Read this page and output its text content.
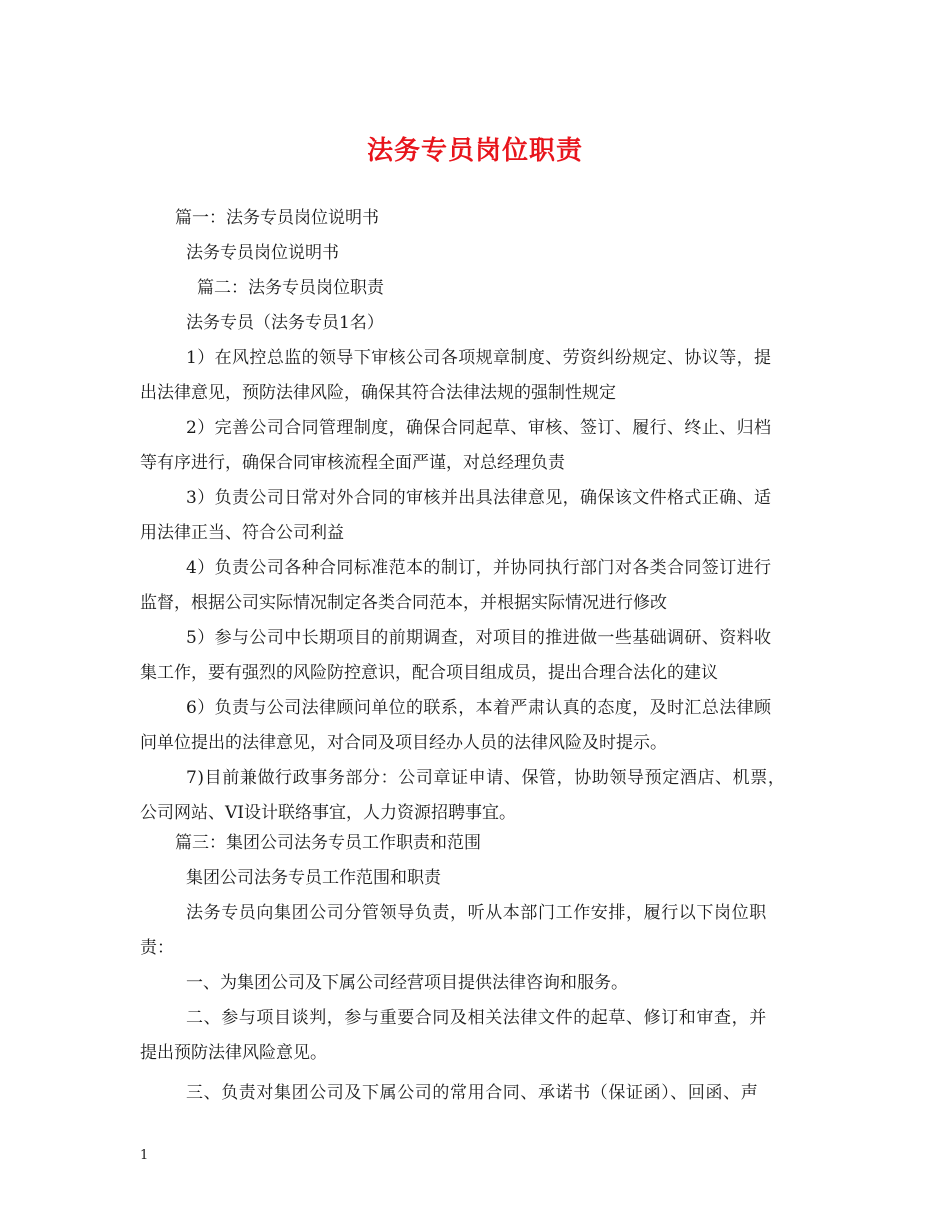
法务专员岗位职责
篇一：法务专员岗位说明书
法务专员岗位说明书
篇二：法务专员岗位职责
法务专员（法务专员1名）
1）在风控总监的领导下审核公司各项规章制度、劳资纠纷规定、协议等，提
出法律意见，预防法律风险，确保其符合法律法规的强制性规定
2）完善公司合同管理制度，确保合同起草、审核、签订、履行、终止、归档
等有序进行，确保合同审核流程全面严谨，对总经理负责
3）负责公司日常对外合同的审核并出具法律意见，确保该文件格式正确、适
用法律正当、符合公司利益
4）负责公司各种合同标准范本的制订，并协同执行部门对各类合同签订进行
监督，根据公司实际情况制定各类合同范本，并根据实际情况进行修改
5）参与公司中长期项目的前期调查，对项目的推进做一些基础调研、资料收
集工作，要有强烈的风险防控意识，配合项目组成员，提出合理合法化的建议
6）负责与公司法律顾问单位的联系，本着严肃认真的态度，及时汇总法律顾
问单位提出的法律意见，对合同及项目经办人员的法律风险及时提示。
7)目前兼做行政事务部分：公司章证申请、保管，协助领导预定酒店、机票，
公司网站、VI设计联络事宜，人力资源招聘事宜。
篇三：集团公司法务专员工作职责和范围
集团公司法务专员工作范围和职责
法务专员向集团公司分管领导负责，听从本部门工作安排，履行以下岗位职
责：
一、为集团公司及下属公司经营项目提供法律咨询和服务。
二、参与项目谈判，参与重要合同及相关法律文件的起草、修订和审查，并
提出预防法律风险意见。
三、负责对集团公司及下属公司的常用合同、承诺书（保证函）、回函、声
1
